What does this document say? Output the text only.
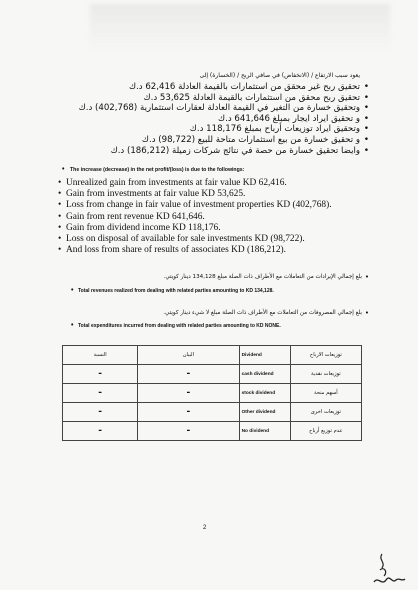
يعود سبب الارتفاع / (الانخفاض) في صافي الربح / (الخسارة) إلى
• تحقيق ربح غير محقق من استثمارات بالقيمة العادلة 62,416 د.ك
• تحقيق ربح محقق من استثمارات بالقيمة العادلة 53,625 د.ك
• وتحقيق خسارة من التغير في القيمة العادلة لعقارات استثمارية (402,768) د.ك
• و تحقيق ايراد ايجار بمبلغ 641,646 د.ك
• وتحقيق ايراد توزيعات أرباح بمبلغ 118,176 د.ك
• و تحقيق خسارة من بيع استثمارات متاحة للبيع (98,722) د.ك
• وايضا تحقيق خسارة من حصة في نتائج شركات زميلة (186,212) د.ك
• The increase (decrease) in the net profit/(loss) is due to the followings:
• Unrealized gain from investments at fair value KD 62,416.
• Gain from investments at fair value KD 53,625.
• Loss from change in fair value of investment properties KD (402,768).
• Gain from rent revenue KD 641,646.
• Gain from dividend income KD 118,176.
• Loss on disposal of available for sale investments KD (98,722).
• And loss from share of results of associates KD (186,212).
• بلغ إجمالي الإيرادات من التعاملات مع الأطراف ذات الصلة مبلغ 134,128 دينار كويتي.
• Total revenues realized from dealing with related parties amounting to KD 134,128.
• بلغ إجمالي المصروفات من التعاملات مع الأطراف ذات الصلة مبلغ لا شيء دينار كويتي.
• Total expenditures incurred from dealing with related parties amounting to KD NONE.
النسبة	البيان	Dividend	توزيعات الارباح
-	-	cash dividend	توزيعات نقدية
-	-	stock dividend	أسهم منحة
-	-	Other dividend	توزيعات اخرى
-	-	No dividend	عدم توزيع أرباح
2
